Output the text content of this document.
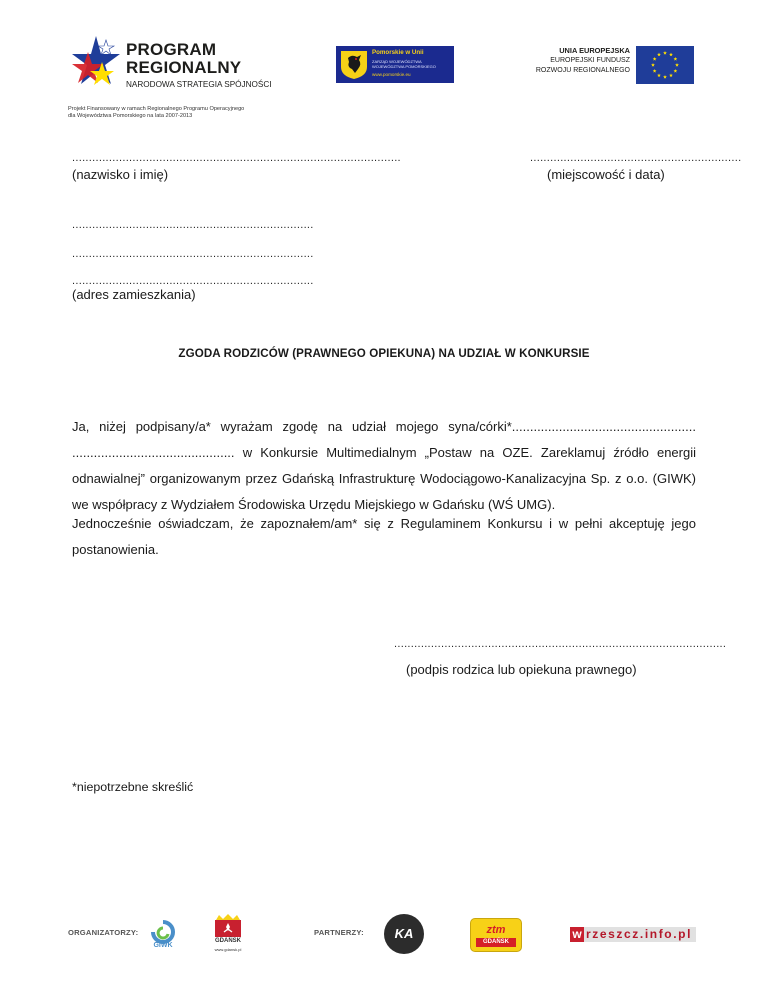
PROGRAM
REGIONALNY
NARODOWA STRATEGIA SPÓJNOŚCI
Projekt Finansowany w ramach Regionalnego Programu Operacyjnego
dla Województwa Pomorskiego na lata 2007-2013
Pomorskie w Unii
ZARZĄD WOJEWÓDZTWA
WOJEWÓDZTWA POMORSKIEGO
www.pomorskie.eu
UNIA EUROPEJSKA
EUROPEJSKI FUNDUSZ
ROZWOJU REGIONALNEGO
..................................................................................................
(nazwisko i imię)
...............................................................
(miejscowość i data)
........................................................................
........................................................................
........................................................................
(adres zamieszkania)
ZGODA RODZICÓW (PRAWNEGO OPIEKUNA) NA UDZIAŁ W KONKURSIE
Ja, niżej podpisany/a* wyrażam zgodę na udział mojego syna/córki*...................................................
............................................. w Konkursie Multimedialnym „Postaw na OZE. Zareklamuj źródło energii
odnawialnej” organizowanym przez Gdańską Infrastrukturę Wodociągowo-Kanalizacyjna Sp. z o.o. (GIWK)
we współpracy z Wydziałem Środowiska Urzędu Miejskiego w Gdańsku (WŚ UMG).
Jednocześnie oświadczam, że zapoznałem/am* się z Regulaminem Konkursu i w pełni akceptuję jego
postanowienia.
...................................................................................................
(podpis rodzica lub opiekuna prawnego)
*niepotrzebne skreślić
ORGANIZATORZY:
GIWK
GDAŃSK
www.gdansk.pl
PARTNERZY:	KA	ztm
GDAŃSK
w rzeszcz.info.pl
